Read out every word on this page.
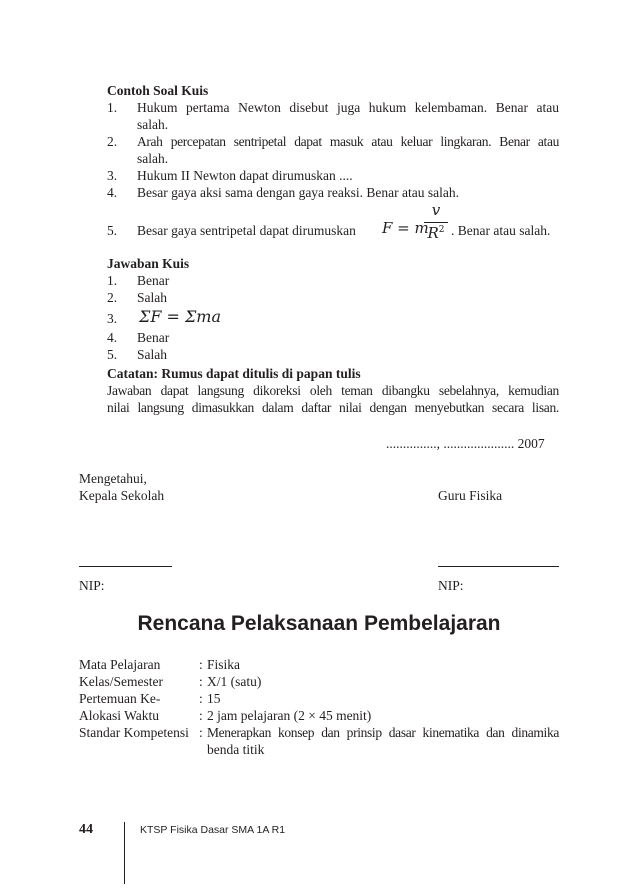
Contoh Soal Kuis
1.	Hukum pertama Newton disebut juga hukum kelembaman. Benar atau
salah.
2.	Arah percepatan sentripetal dapat masuk atau keluar lingkaran. Benar atau
salah.
3.	Hukum II Newton dapat dirumuskan ....
4.	Besar gaya aksi sama dengan gaya reaksi. Benar atau salah.
5.	Besar gaya sentripetal dapat dirumuskan F = m
v
$R^2$ . Benar atau salah.
Jawaban Kuis
1.	Benar
2.	Salah
3.	ΣF = Σma
4.	Benar
5.	Salah
Catatan: Rumus dapat ditulis di papan tulis
Jawaban dapat langsung dikoreksi oleh teman dibangku sebelahnya, kemudian
nilai langsung dimasukkan dalam daftar nilai dengan menyebutkan secara lisan.
..............., ..................... 2007
Mengetahui,
Kepala Sekolah	Guru Fisika
NIP:	NIP:
Rencana Pelaksanaan Pembelajaran
Mata Pelajaran	: Fisika
Kelas/Semester	: X/1 (satu)
Pertemuan Ke-	: 15
Alokasi Waktu	: 2 jam pelajaran (2 × 45 menit)
Standar Kompetensi : Menerapkan konsep dan prinsip dasar kinematika dan dinamika
benda titik
44	KTSP Fisika Dasar SMA 1A R1
